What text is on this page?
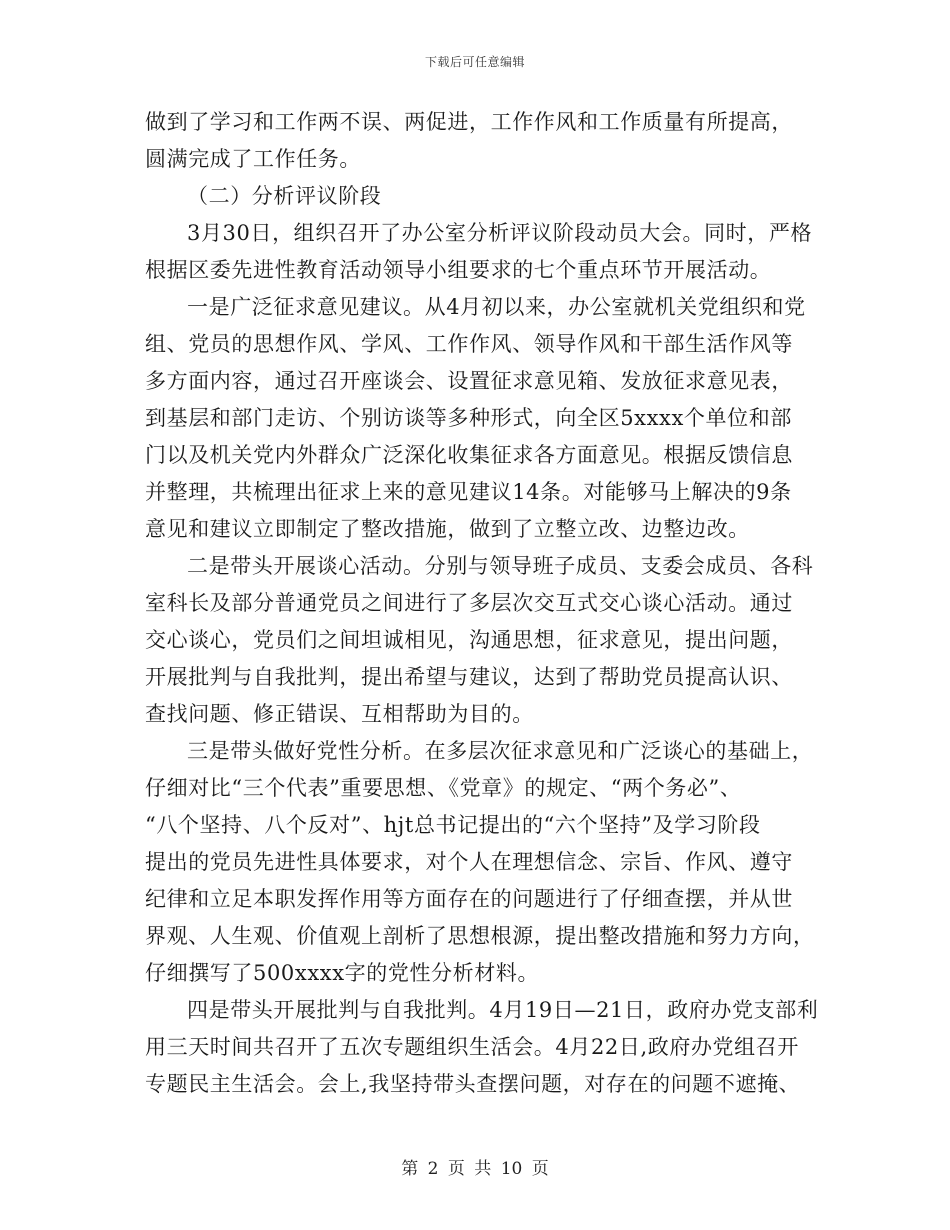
下载后可任意编辑
做到了学习和工作两不误、两促进，工作作风和工作质量有所提高，
圆满完成了工作任务。
（二）分析评议阶段
3月30日，组织召开了办公室分析评议阶段动员大会。同时，严格
根据区委先进性教育活动领导小组要求的七个重点环节开展活动。
一是广泛征求意见建议。从4月初以来，办公室就机关党组织和党
组、党员的思想作风、学风、工作作风、领导作风和干部生活作风等
多方面内容，通过召开座谈会、设置征求意见箱、发放征求意见表，
到基层和部门走访、个别访谈等多种形式，向全区5xxxx个单位和部
门以及机关党内外群众广泛深化收集征求各方面意见。根据反馈信息
并整理，共梳理出征求上来的意见建议14条。对能够马上解决的9条
意见和建议立即制定了整改措施，做到了立整立改、边整边改。
二是带头开展谈心活动。分别与领导班子成员、支委会成员、各科
室科长及部分普通党员之间进行了多层次交互式交心谈心活动。通过
交心谈心，党员们之间坦诚相见，沟通思想，征求意见，提出问题，
开展批判与自我批判，提出希望与建议，达到了帮助党员提高认识、
查找问题、修正错误、互相帮助为目的。
三是带头做好党性分析。在多层次征求意见和广泛谈心的基础上，
仔细对比“三个代表”重要思想、《党章》的规定、“两个务必”、
“八个坚持、八个反对”、hjt总书记提出的“六个坚持”及学习阶段
提出的党员先进性具体要求，对个人在理想信念、宗旨、作风、遵守
纪律和立足本职发挥作用等方面存在的问题进行了仔细查摆，并从世
界观、人生观、价值观上剖析了思想根源，提出整改措施和努力方向，
仔细撰写了500xxxx字的党性分析材料。
四是带头开展批判与自我批判。4月19日—21日，政府办党支部利
用三天时间共召开了五次专题组织生活会。4月22日,政府办党组召开
专题民主生活会。会上,我坚持带头查摆问题，对存在的问题不遮掩、
第 2 页 共 10 页
